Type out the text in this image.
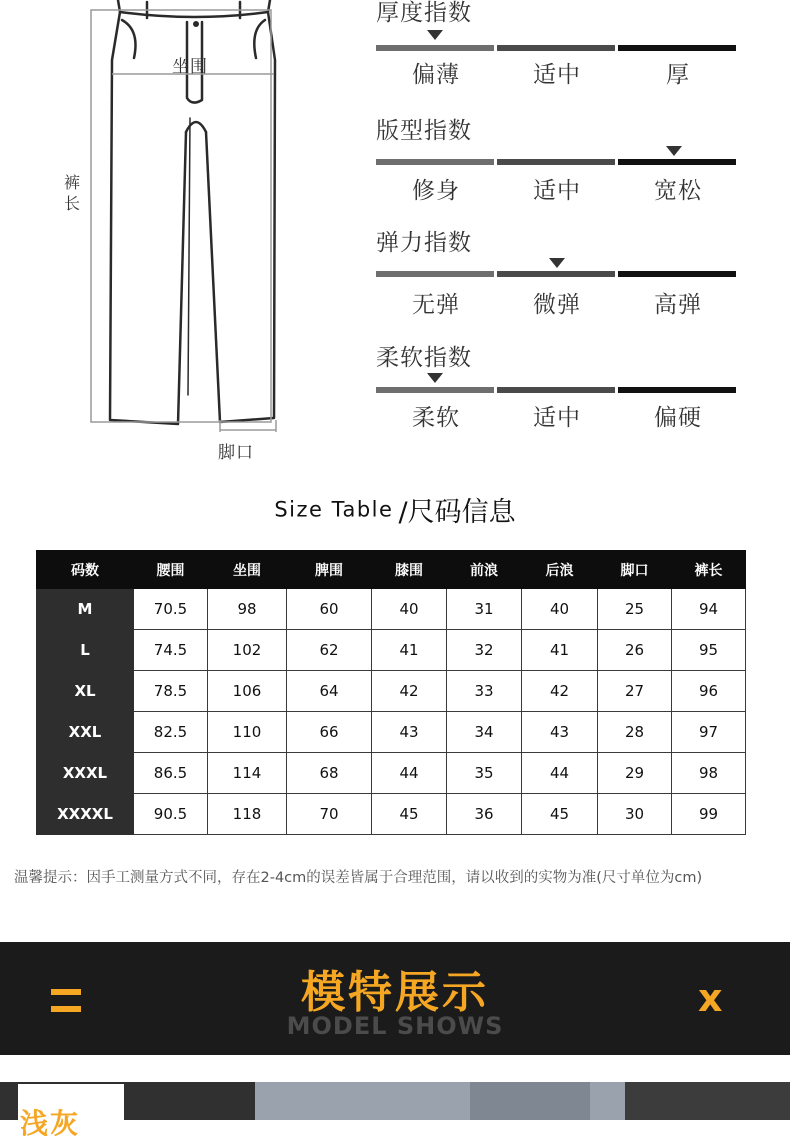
坐围
裤长
脚口
厚度指数
偏薄	适中	厚
版型指数
修身	适中	宽松
弹力指数
无弹	微弹	高弹
柔软指数
柔软	适中	偏硬
Size Table /尺码信息
码数	腰围	坐围	脾围	膝围	前浪	后浪	脚口	裤长
M	70.5	98	60	40	31	40	25	94
L	74.5	102	62	41	32	41	26	95
XL	78.5	106	64	42	33	42	27	96
XXL	82.5	110	66	43	34	43	28	97
XXXL	86.5	114	68	44	35	44	29	98
XXXXL	90.5	118	70	45	36	45	30	99
温馨提示：因手工测量方式不同，存在2-4cm的误差皆属于合理范围，请以收到的实物为准(尺寸单位为cm)
模特展示
MODEL SHOWS
x
浅灰
